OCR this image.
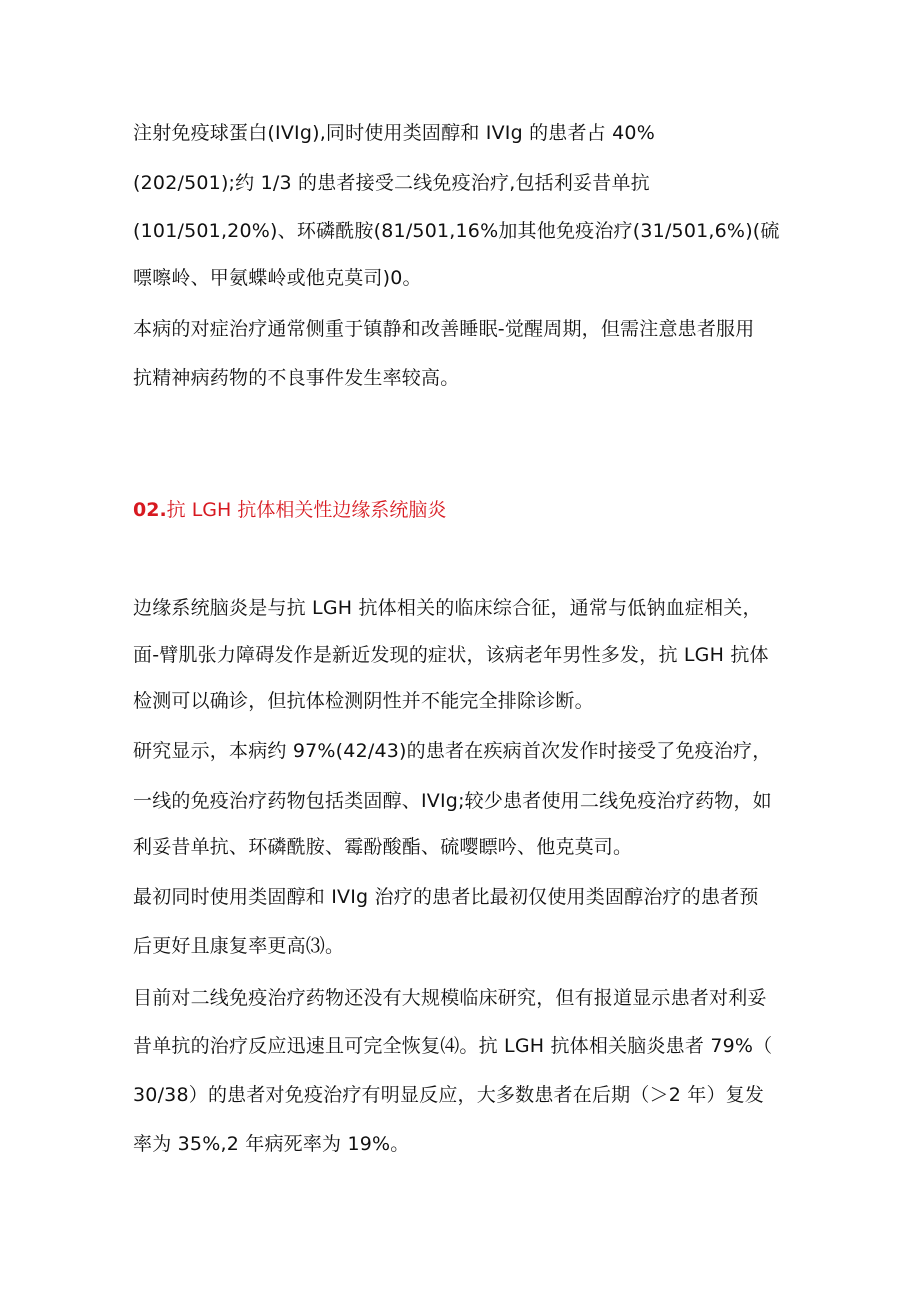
注射免疫球蛋白(IVIg),同时使用类固醇和 IVIg 的患者占 40%
(202/501);约 1/3 的患者接受二线免疫治疗,包括利妥昔单抗
(101/501,20%)、环磷酰胺(81/501,16%加其他免疫治疗(31/501,6%)(硫
嘌嚓岭、甲氨蝶岭或他克莫司)0。
本病的对症治疗通常侧重于镇静和改善睡眠-觉醒周期，但需注意患者服用
抗精神病药物的不良事件发生率较高。
02.抗 LGH 抗体相关性边缘系统脑炎
边缘系统脑炎是与抗 LGH 抗体相关的临床综合征，通常与低钠血症相关，
面-臂肌张力障碍发作是新近发现的症状，该病老年男性多发，抗 LGH 抗体
检测可以确诊，但抗体检测阴性并不能完全排除诊断。
研究显示，本病约 97%(42/43)的患者在疾病首次发作时接受了免疫治疗，
一线的免疫治疗药物包括类固醇、IVIg;较少患者使用二线免疫治疗药物，如
利妥昔单抗、环磷酰胺、霉酚酸酯、硫嘤瞟吟、他克莫司。
最初同时使用类固醇和 IVIg 治疗的患者比最初仅使用类固醇治疗的患者预
后更好且康复率更高⑶。
目前对二线免疫治疗药物还没有大规模临床研究，但有报道显示患者对利妥
昔单抗的治疗反应迅速且可完全恢复⑷。抗 LGH 抗体相关脑炎患者 79%（
30/38）的患者对免疫治疗有明显反应，大多数患者在后期（＞2 年）复发
率为 35%,2 年病死率为 19%。
